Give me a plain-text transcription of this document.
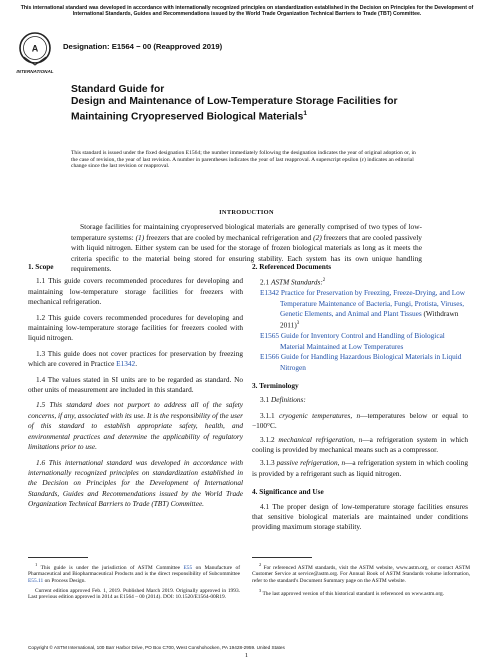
This international standard was developed in accordance with internationally recognized principles on standardization established in the Decision on Principles for the Development of International Standards, Guides and Recommendations issued by the World Trade Organization Technical Barriers to Trade (TBT) Committee.
A
INTERNATIONAL
Designation: E1564 − 00 (Reapproved 2019)
Standard Guide for
Design and Maintenance of Low-Temperature Storage Facilities for Maintaining Cryopreserved Biological Materials$^1$
This standard is issued under the fixed designation E1564; the number immediately following the designation indicates the year of original adoption or, in the case of revision, the year of last revision. A number in parentheses indicates the year of last reapproval. A superscript epsilon (ε) indicates an editorial change since the last revision or reapproval.
INTRODUCTION
Storage facilities for maintaining cryopreserved biological materials are generally comprised of two types of low-temperature systems: (1) freezers that are cooled by mechanical refrigeration and (2) freezers that are cooled passively with liquid nitrogen. Either system can be used for the storage of frozen biological materials as long as it meets the criteria specific to the material being stored for ensuring stability. Each system has its own unique handling requirements.
1. Scope
1.1 This guide covers recommended procedures for developing and maintaining low-temperature storage facilities for freezers with mechanical refrigeration.
1.2 This guide covers recommended procedures for developing and maintaining low-temperature storage facilities for freezers cooled with liquid nitrogen.
1.3 This guide does not cover practices for preservation by freezing which are covered in Practice E1342.
1.4 The values stated in SI units are to be regarded as standard. No other units of measurement are included in this standard.
1.5 This standard does not purport to address all of the safety concerns, if any, associated with its use. It is the responsibility of the user of this standard to establish appropriate safety, health, and environmental practices and determine the applicability of regulatory limitations prior to use.
1.6 This international standard was developed in accordance with internationally recognized principles on standardization established in the Decision on Principles for the Development of International Standards, Guides and Recommendations issued by the World Trade Organization Technical Barriers to Trade (TBT) Committee.
2. Referenced Documents
2.1 ASTM Standards:$^2$
E1342 Practice for Preservation by Freezing, Freeze-Drying, and Low Temperature Maintenance of Bacteria, Fungi, Protista, Viruses, Genetic Elements, and Animal and Plant Tissues (Withdrawn 2011)$^3$
E1565 Guide for Inventory Control and Handling of Biological Material Maintained at Low Temperatures
E1566 Guide for Handling Hazardous Biological Materials in Liquid Nitrogen
3. Terminology
3.1 Definitions:
3.1.1 cryogenic temperatures, n—temperatures below or equal to −100°C.
3.1.2 mechanical refrigeration, n—a refrigeration system in which cooling is provided by mechanical means such as a compressor.
3.1.3 passive refrigeration, n—a refrigeration system in which cooling is provided by a refrigerant such as liquid nitrogen.
4. Significance and Use
4.1 The proper design of low-temperature storage facilities ensures that sensitive biological materials are maintained under conditions providing maximum storage stability.

$^1$ This guide is under the jurisdiction of ASTM Committee E55 on Manufacture of Pharmaceutical and Biopharmaceutical Products and is the direct responsibility of Subcommittee E55.11 on Process Design.

Current edition approved Feb. 1, 2019. Published March 2019. Originally approved in 1993. Last previous edition approved in 2014 as E1564 – 00 (2014). DOI: 10.1520/E1564-00R19.

$^2$ For referenced ASTM standards, visit the ASTM website, www.astm.org, or contact ASTM Customer Service at service@astm.org. For Annual Book of ASTM Standards volume information, refer to the standard's Document Summary page on the ASTM website.

$^3$ The last approved version of this historical standard is referenced on www.astm.org.

Copyright © ASTM International, 100 Barr Harbor Drive, PO Box C700, West Conshohocken, PA 19428-2959. United States
1
